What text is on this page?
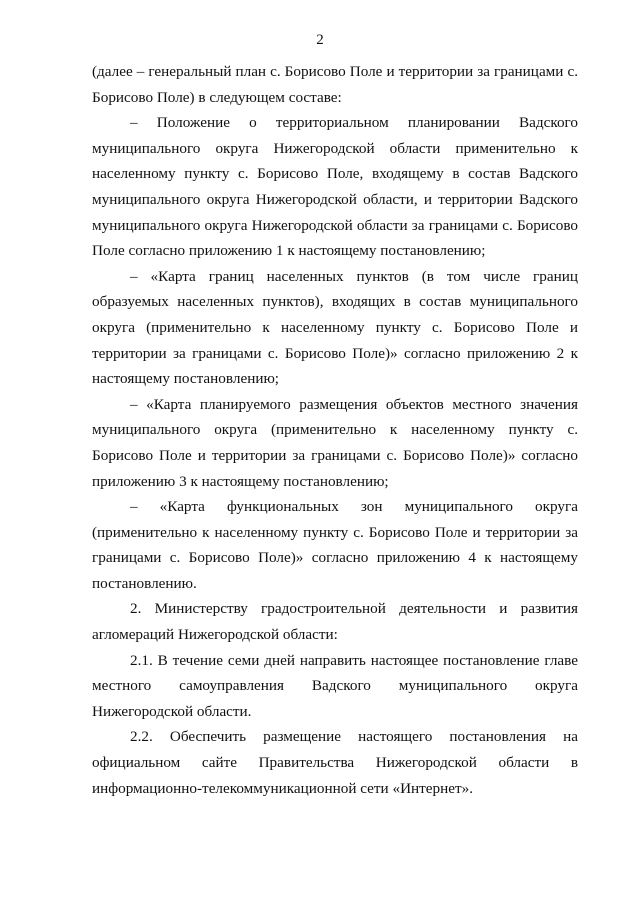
2

(далее – генеральный план с. Борисово Поле и территории за границами с. Борисово Поле) в следующем составе:

– Положение о территориальном планировании Вадского муниципального округа Нижегородской области применительно к населенному пункту с. Борисово Поле, входящему в состав Вадского муниципального округа Нижегородской области, и территории Вадского муниципального округа Нижегородской области за границами с. Борисово Поле согласно приложению 1 к настоящему постановлению;

– «Карта границ населенных пунктов (в том числе границ образуемых населенных пунктов), входящих в состав муниципального округа (применительно к населенному пункту с. Борисово Поле и территории за границами с. Борисово Поле)» согласно приложению 2 к настоящему постановлению;

– «Карта планируемого размещения объектов местного значения муниципального округа (применительно к населенному пункту с. Борисово Поле и территории за границами с. Борисово Поле)» согласно приложению 3 к настоящему постановлению;

– «Карта функциональных зон муниципального округа (применительно к населенному пункту с. Борисово Поле и территории за границами с. Борисово Поле)» согласно приложению 4 к настоящему постановлению.

2. Министерству градостроительной деятельности и развития агломераций Нижегородской области:

2.1. В течение семи дней направить настоящее постановление главе местного самоуправления Вадского муниципального округа Нижегородской области.

2.2. Обеспечить размещение настоящего постановления на официальном сайте Правительства Нижегородской области в информационно-телекоммуникационной сети «Интернет».
